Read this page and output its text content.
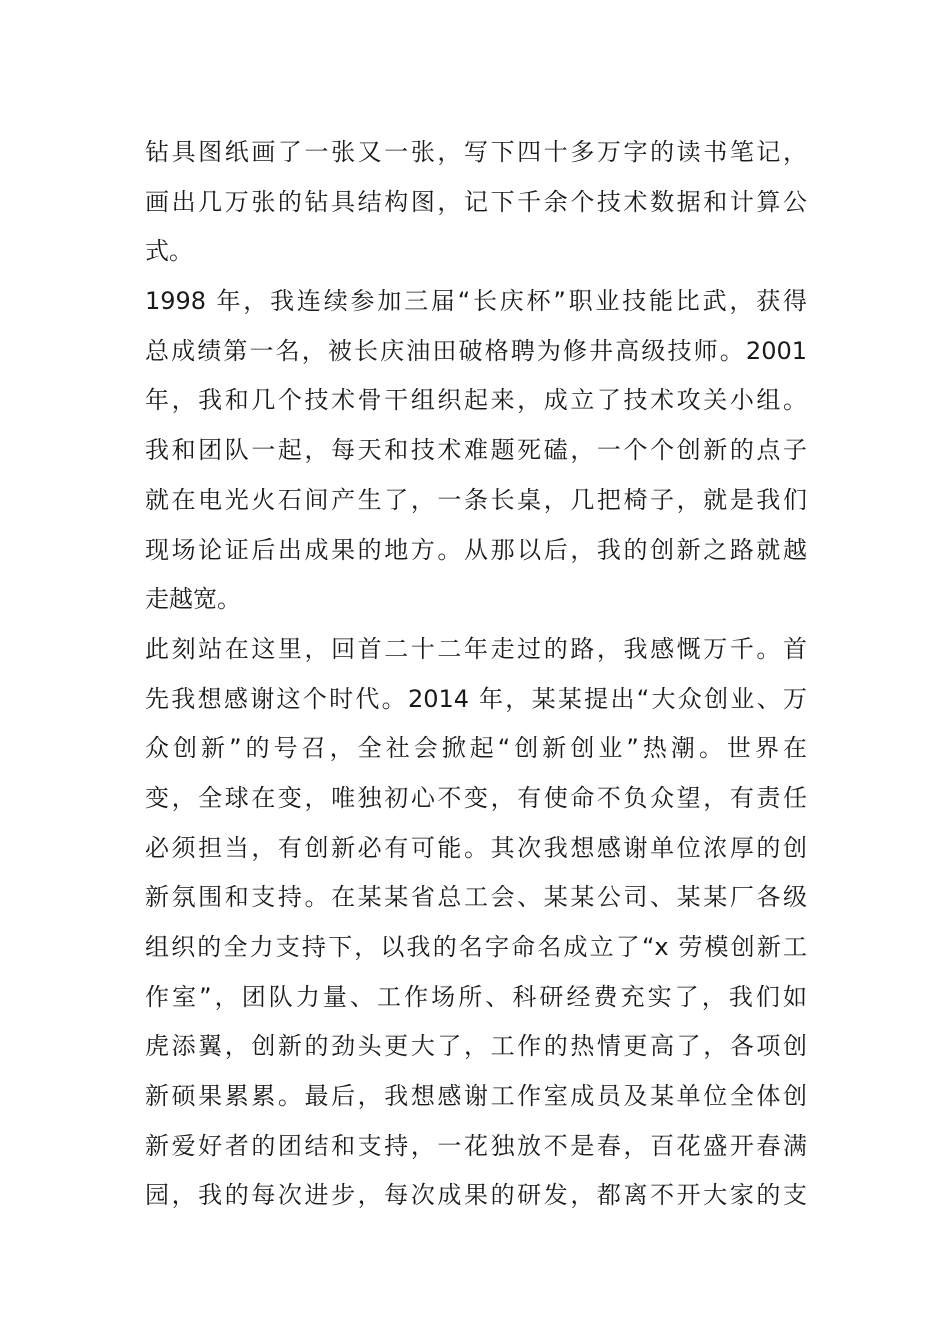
钻具图纸画了一张又一张，写下四十多万字的读书笔记，
画出几万张的钻具结构图，记下千余个技术数据和计算公
式。
1998 年，我连续参加三届“长庆杯”职业技能比武，获得
总成绩第一名，被长庆油田破格聘为修井高级技师。2001
年，我和几个技术骨干组织起来，成立了技术攻关小组。
我和团队一起，每天和技术难题死磕，一个个创新的点子
就在电光火石间产生了，一条长桌，几把椅子，就是我们
现场论证后出成果的地方。从那以后，我的创新之路就越
走越宽。
此刻站在这里，回首二十二年走过的路，我感慨万千。首
先我想感谢这个时代。2014 年，某某提出“大众创业、万
众创新”的号召，全社会掀起“创新创业”热潮。世界在
变，全球在变，唯独初心不变，有使命不负众望，有责任
必须担当，有创新必有可能。其次我想感谢单位浓厚的创
新氛围和支持。在某某省总工会、某某公司、某某厂各级
组织的全力支持下，以我的名字命名成立了“x 劳模创新工
作室”，团队力量、工作场所、科研经费充实了，我们如
虎添翼，创新的劲头更大了，工作的热情更高了，各项创
新硕果累累。最后，我想感谢工作室成员及某单位全体创
新爱好者的团结和支持，一花独放不是春，百花盛开春满
园，我的每次进步，每次成果的研发，都离不开大家的支
